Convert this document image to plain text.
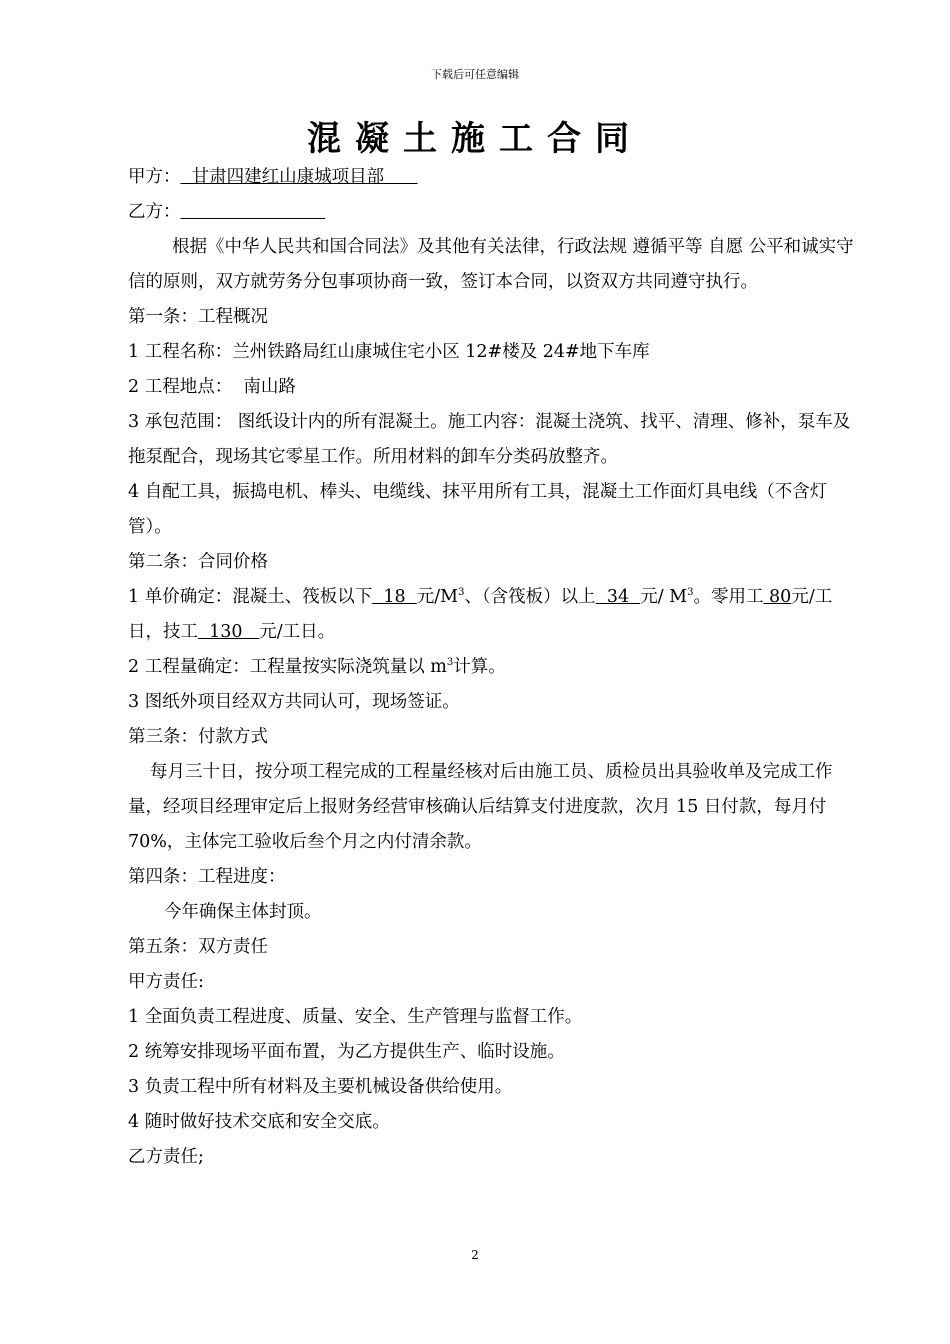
下载后可任意编辑
混凝土施工合同
甲方：  甘肃四建红山康城项目部
乙方：
根据《中华人民共和国合同法》及其他有关法律，行政法规 遵循平等 自愿 公平和诚实守信的原则，双方就劳务分包事项协商一致，签订本合同，以资双方共同遵守执行。
第一条：工程概况
1 工程名称：兰州铁路局红山康城住宅小区 12#楼及 24#地下车库
2 工程地点：  南山路
3 承包范围： 图纸设计内的所有混凝土。施工内容：混凝土浇筑、找平、清理、修补，泵车及拖泵配合，现场其它零星工作。所用材料的卸车分类码放整齐。
4 自配工具，振捣电机、棒头、电缆线、抹平用所有工具，混凝土工作面灯具电线（不含灯管）。
第二条：合同价格
1 单价确定：混凝土、筏板以下  18  元$/M^3$、（含筏板）以上  34  元/ $M^3$。零用工 80元/工日，技工  130   元/工日。
2 工程量确定：工程量按实际浇筑量以 $m^3$计算。
3 图纸外项目经双方共同认可，现场签证。
第三条：付款方式
每月三十日，按分项工程完成的工程量经核对后由施工员、质检员出具验收单及完成工作量，经项目经理审定后上报财务经营审核确认后结算支付进度款，次月 15 日付款，每月付 70%，主体完工验收后叁个月之内付清余款。
第四条：工程进度：
今年确保主体封顶。
第五条：双方责任
甲方责任:
1 全面负责工程进度、质量、安全、生产管理与监督工作。
2 统筹安排现场平面布置，为乙方提供生产、临时设施。
3 负责工程中所有材料及主要机械设备供给使用。
4 随时做好技术交底和安全交底。
乙方责任;
2
